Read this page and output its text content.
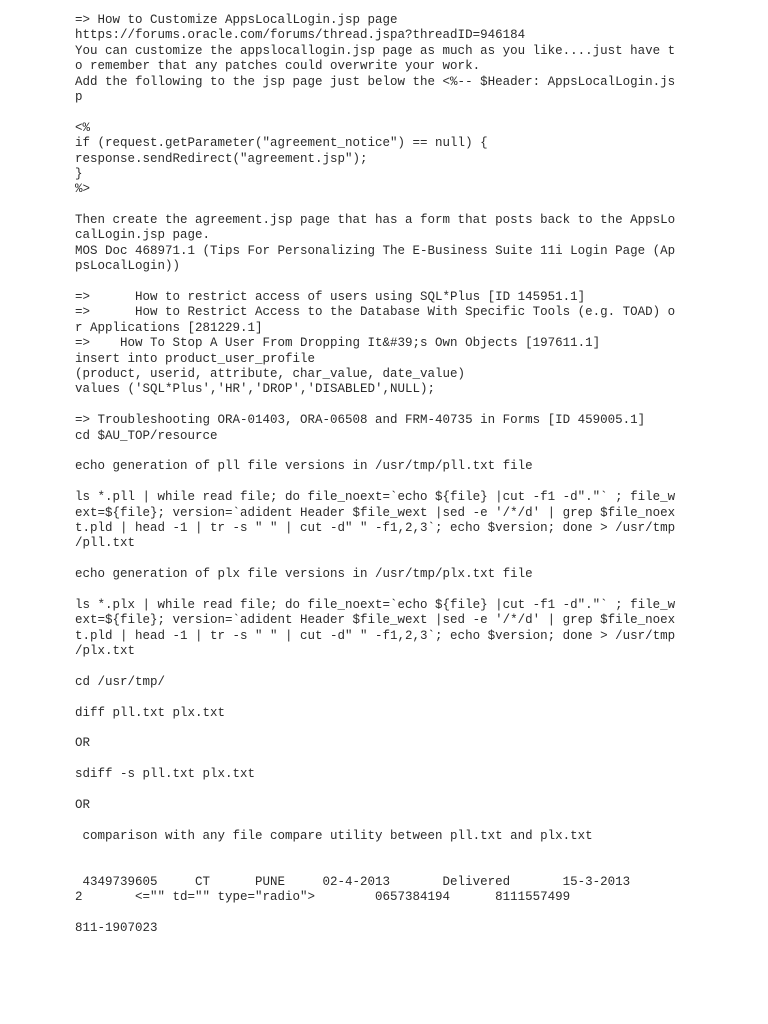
=> How to Customize AppsLocalLogin.jsp page
https://forums.oracle.com/forums/thread.jspa?threadID=946184
You can customize the appslocallogin.jsp page as much as you like....just have t
o remember that any patches could overwrite your work.
Add the following to the jsp page just below the <%-- $Header: AppsLocalLogin.js
p
<%
if (request.getParameter("agreement_notice") == null) {
response.sendRedirect("agreement.jsp");
}
%>
Then create the agreement.jsp page that has a form that posts back to the AppsLo
calLogin.jsp page.
MOS Doc 468971.1 (Tips For Personalizing The E-Business Suite 11i Login Page (Ap
psLocalLogin))
=>      How to restrict access of users using SQL*Plus [ID 145951.1]
=>      How to Restrict Access to the Database With Specific Tools (e.g. TOAD) o
r Applications [281229.1]
=>    How To Stop A User From Dropping It&#39;s Own Objects [197611.1]
insert into product_user_profile
(product, userid, attribute, char_value, date_value)
values ('SQL*Plus','HR','DROP','DISABLED',NULL);
=> Troubleshooting ORA-01403, ORA-06508 and FRM-40735 in Forms [ID 459005.1]
cd $AU_TOP/resource
echo generation of pll file versions in /usr/tmp/pll.txt file
ls *.pll | while read file; do file_noext=`echo ${file} |cut -f1 -d"."` ; file_w
ext=${file}; version=`adident Header $file_wext |sed -e '/*/d' | grep $file_noex
t.pld | head -1 | tr -s " " | cut -d" " -f1,2,3`; echo $version; done > /usr/tmp
/pll.txt
echo generation of plx file versions in /usr/tmp/plx.txt file
ls *.plx | while read file; do file_noext=`echo ${file} |cut -f1 -d"."` ; file_w
ext=${file}; version=`adident Header $file_wext |sed -e '/*/d' | grep $file_noex
t.pld | head -1 | tr -s " " | cut -d" " -f1,2,3`; echo $version; done > /usr/tmp
/plx.txt
cd /usr/tmp/
diff pll.txt plx.txt
OR
sdiff -s pll.txt plx.txt
OR
comparison with any file compare utility between pll.txt and plx.txt
4349739605     CT      PUNE     02-4-2013       Delivered       15-3-2013
2       <="" td="" type="radio">        0657384194      8111557499
811-1907023
